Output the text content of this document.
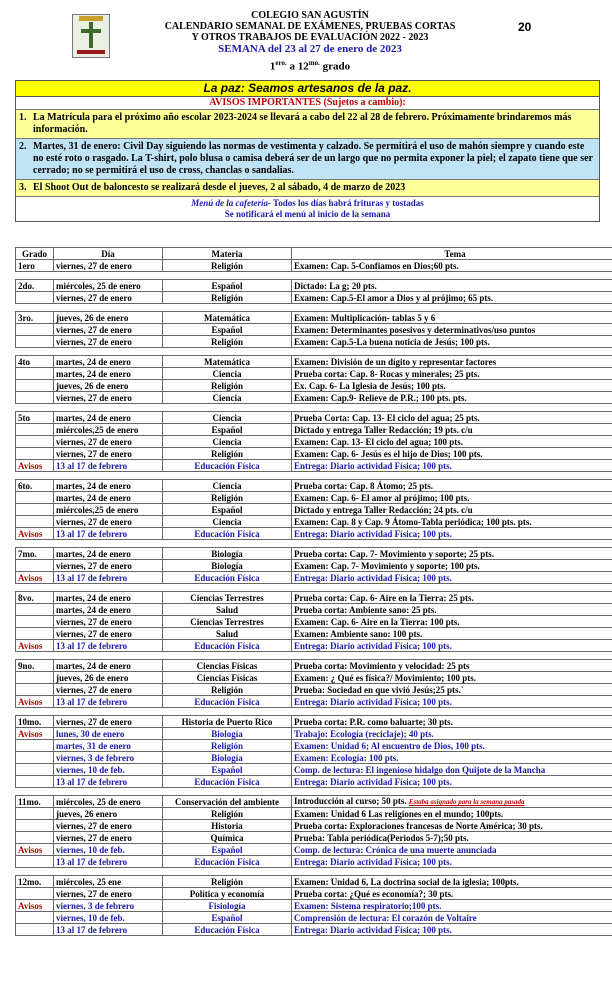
COLEGIO SAN AGUSTÍN
CALENDARIO SEMANAL DE EXÁMENES, PRUEBAS CORTAS
Y OTROS TRABAJOS DE EVALUACIÓN 2022 - 2023
SEMANA del 23 al 27 de enero de 2023
$1^{ero.}$ a $12^{mo.}$ grado
20
La paz: Seamos artesanos de la paz.
AVISOS IMPORTANTES (Sujetos a cambio):
1. La Matrícula para el próximo año escolar 2023-2024 se llevará a cabo del 22 al 28 de febrero. Próximamente brindaremos más información.
2. Martes, 31 de enero: Civil Day siguiendo las normas de vestimenta y calzado. Se permitirá el uso de mahón siempre y cuando este no esté roto o rasgado. La T-shirt, polo blusa o camisa deberá ser de un largo que no permita exponer la piel; el zapato tiene que ser cerrado; no se permitirá el uso de cross, chanclas o sandalias.
3. El Shoot Out de baloncesto se realizará desde el jueves, 2 al sábado, 4 de marzo de 2023
Menú de la cafetería- Todos los días habrá frituras y tostadas
Se notificará el menú al inicio de la semana
Grado	Día	Materia	Tema
1ero	viernes, 27 de enero	Religión	Examen: Cap. 5-Confiamos en Dios;60 pts.

2do.	miércoles, 25 de enero	Español	Dictado: La g; 20 pts.
	viernes, 27 de enero	Religión	Examen: Cap.5-El amor a Dios y al prójimo; 65 pts.

3ro.	jueves, 26 de enero	Matemática	Examen: Multiplicación- tablas 5 y 6
	viernes, 27 de enero	Español	Examen: Determinantes posesivos y determinativos/uso puntos
	viernes, 27 de enero	Religión	Examen: Cap.5-La buena noticia de Jesús; 100 pts.

4to	martes, 24 de enero	Matemática	Examen: División de un dígito y representar factores
	martes, 24 de enero	Ciencia	Prueba corta: Cap. 8- Rocas y minerales; 25 pts.
	jueves, 26 de enero	Religión	Ex. Cap. 6- La Iglesia de Jesús; 100 pts.
	viernes, 27 de enero	Ciencia	Examen: Cap.9- Relieve de P.R.; 100 pts. pts.

5to	martes, 24 de enero	Ciencia	Prueba Corta: Cap. 13- El ciclo del agua; 25 pts.
	miércoles,25 de enero	Español	Dictado y entrega Taller Redacción; 19 pts. c/u
	viernes, 27 de enero	Ciencia	Examen: Cap. 13- El ciclo del agua; 100 pts.
	viernes, 27 de enero	Religión	Examen: Cap. 6- Jesús es el hijo de Dios; 100 pts.
Avisos	13 al 17 de febrero	Educación Física	Entrega: Diario actividad Física; 100 pts.

6to.	martes, 24 de enero	Ciencia	Prueba corta: Cap. 8 Átomo; 25 pts.
	martes, 24 de enero	Religión	Examen: Cap. 6- El amor al prójimo; 100 pts.
	miércoles,25 de enero	Español	Dictado y entrega Taller Redacción; 24 pts. c/u
	viernes, 27 de enero	Ciencia	Examen: Cap. 8 y Cap. 9 Átomo-Tabla periódica; 100 pts. pts.
Avisos	13 al 17 de febrero	Educación Física	Entrega: Diario actividad Física; 100 pts.

7mo.	martes, 24 de enero	Biología	Prueba corta: Cap. 7- Movimiento y soporte; 25 pts.
	viernes, 27 de enero	Biología	Examen: Cap. 7- Movimiento y soporte; 100 pts.
Avisos	13 al 17 de febrero	Educación Física	Entrega: Diario actividad Física; 100 pts.

8vo.	martes, 24 de enero	Ciencias Terrestres	Prueba corta: Cap. 6- Aire en la Tierra: 25 pts.
	martes, 24 de enero	Salud	Prueba corta: Ambiente sano: 25 pts.
	viernes, 27 de enero	Ciencias Terrestres	Examen: Cap. 6- Aire en la Tierra: 100 pts.
	viernes, 27 de enero	Salud	Examen: Ambiente sano: 100 pts.
Avisos	13 al 17 de febrero	Educación Física	Entrega: Diario actividad Física; 100 pts.

9no.	martes, 24 de enero	Ciencias Físicas	Prueba corta: Movimiento y velocidad: 25 pts
	jueves, 26 de enero	Ciencias Físicas	Examen: ¿ Qué es física?/ Movimiento; 100 pts.
	viernes, 27 de enero	Religión	Prueba: Sociedad en que vivió Jesús;25 pts.`
Avisos	13 al 17 de febrero	Educación Física	Entrega: Diario actividad Física; 100 pts.

10mo.	viernes, 27 de enero	Historia de Puerto Rico	Prueba corta: P.R. como baluarte; 30 pts.
Avisos	lunes, 30 de enero	Biología	Trabajo: Ecología (reciclaje); 40 pts.
	martes, 31 de enero	Religión	Examen: Unidad 6; Al encuentro de Dios, 100 pts.
	viernes, 3 de febrero	Biología	Examen: Ecología: 100 pts.
	viernes, 10 de feb.	Español	Comp. de lectura: El ingenioso hidalgo don Quijote de la Mancha
	13 al 17 de febrero	Educación Física	Entrega: Diario actividad Física; 100 pts.

11mo.	miércoles, 25 de enero	Conservación del ambiente	Introducción al curso; 50 pts. Estaba asignado para la semana pasada
	jueves, 26 enero	Religión	Examen: Unidad 6 Las religiones en el mundo; 100pts.
	viernes, 27 de enero	Historia	Prueba corta: Exploraciones francesas de Norte América; 30 pts.
	viernes, 27 de enero	Química	Prueba: Tabla periódica(Periodos 5-7);50 pts.
Avisos	viernes, 10 de feb.	Español	Comp. de lectura: Crónica de una muerte anunciada
	13 al 17 de febrero	Educación Física	Entrega: Diario actividad Física; 100 pts.

12mo.	miércoles, 25 ene	Religión	Examen: Unidad 6, La doctrina social de la iglesia; 100pts.
	viernes, 27 de enero	Política y economía	Prueba corta: ¿Qué es economía?; 30 pts.
Avisos	viernes, 3 de febrero	Fisiología	Examen: Sistema respiratorio;100 pts.
	viernes, 10 de feb.	Español	Comprensión de lectura: El corazón de Voltaire
	13 al 17 de febrero	Educación Física	Entrega: Diario actividad Física; 100 pts.
